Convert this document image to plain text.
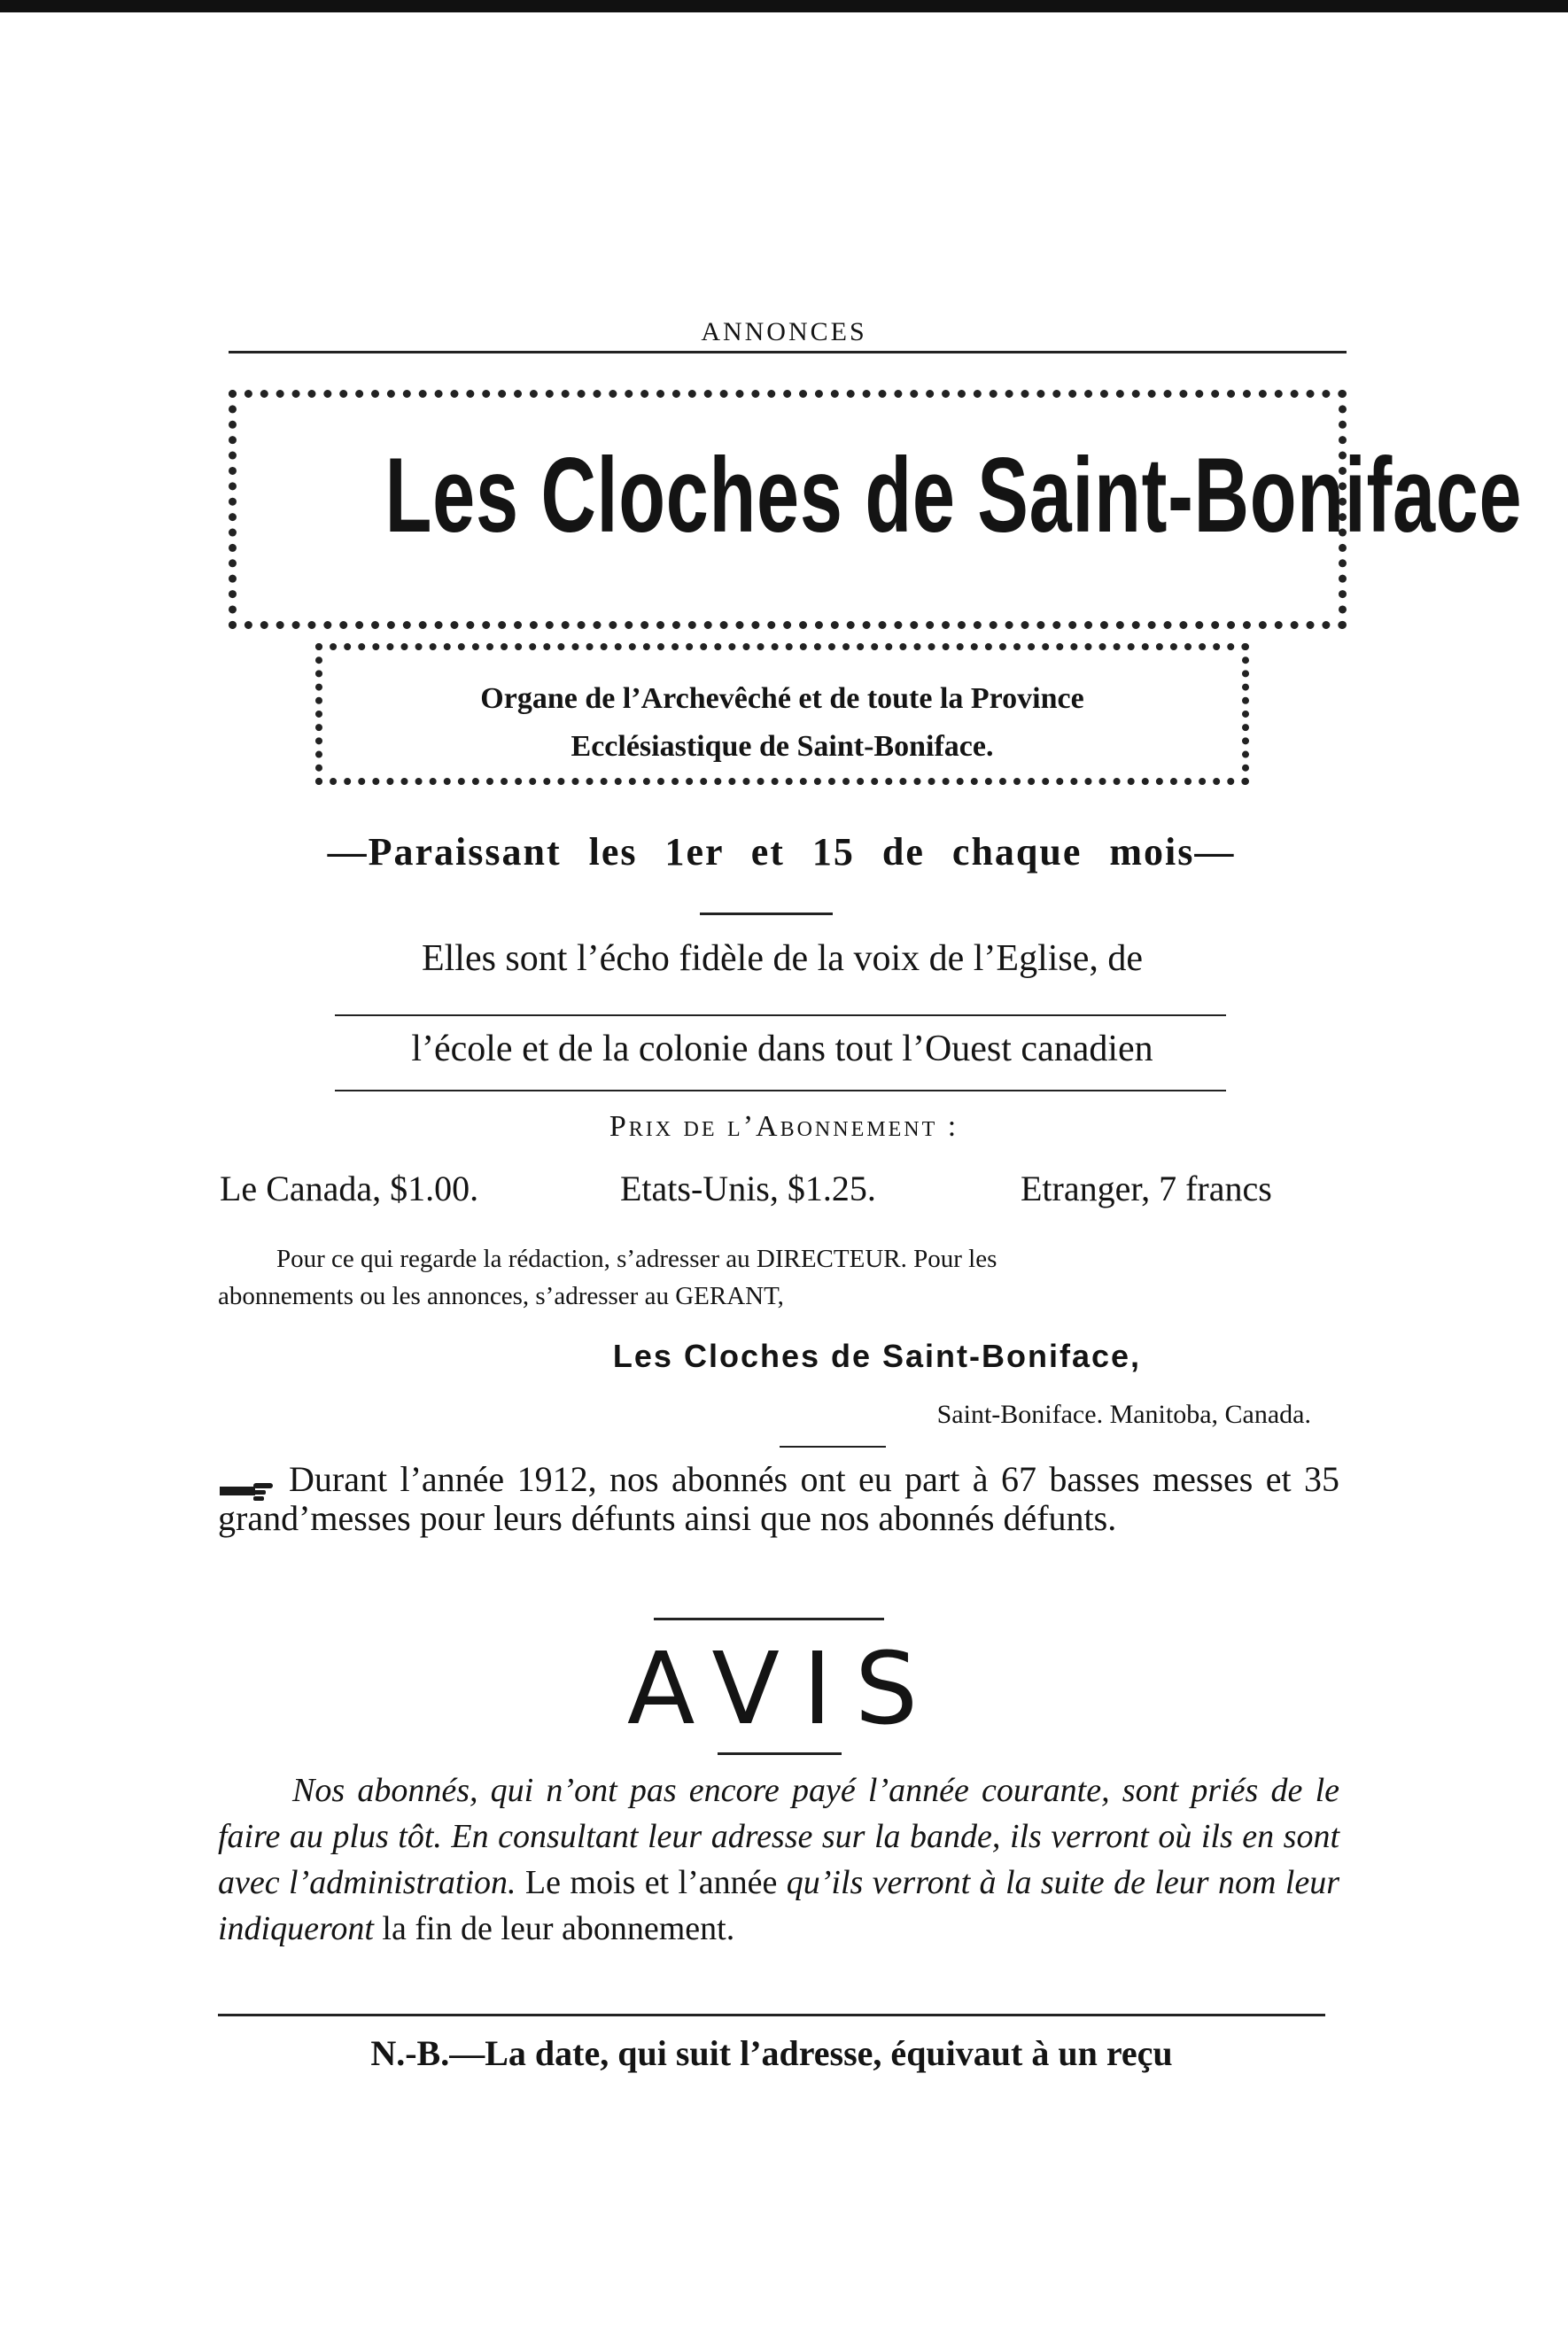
ANNONCES
Les Cloches de Saint-Boniface
Organe de l’Archevêché et de toute la Province
Ecclésiastique de Saint-Boniface.
—Paraissant les 1er et 15 de chaque mois—
Elles sont l’écho fidèle de la voix de l’Eglise, de
l’école et de la colonie dans tout l’Ouest canadien
Prix de l’Abonnement :
Le Canada, $1.00.	Etats-Unis, $1.25.	Etranger, 7 francs

Pour ce qui regarde la rédaction, s’adresser au DIRECTEUR. Pour les

abonnements ou les annonces, s’adresser au GERANT,

Les Cloches de Saint-Boniface,
Saint-Boniface. Manitoba, Canada.
Durant l’année 1912, nos abonnés ont eu part à 67 basses messes et 35 grand’messes pour leurs défunts ainsi que nos abonnés défunts.
AVIS
Nos abonnés, qui n’ont pas encore payé l’année courante, sont priés de le faire au plus tôt. En consultant leur adresse sur la bande, ils verront où ils en sont avec l’administration. Le mois et l’année qu’ils verront à la suite de leur nom leur indiqueront la fin de leur abonnement.
N.-B.—La date, qui suit l’adresse, équivaut à un reçu
